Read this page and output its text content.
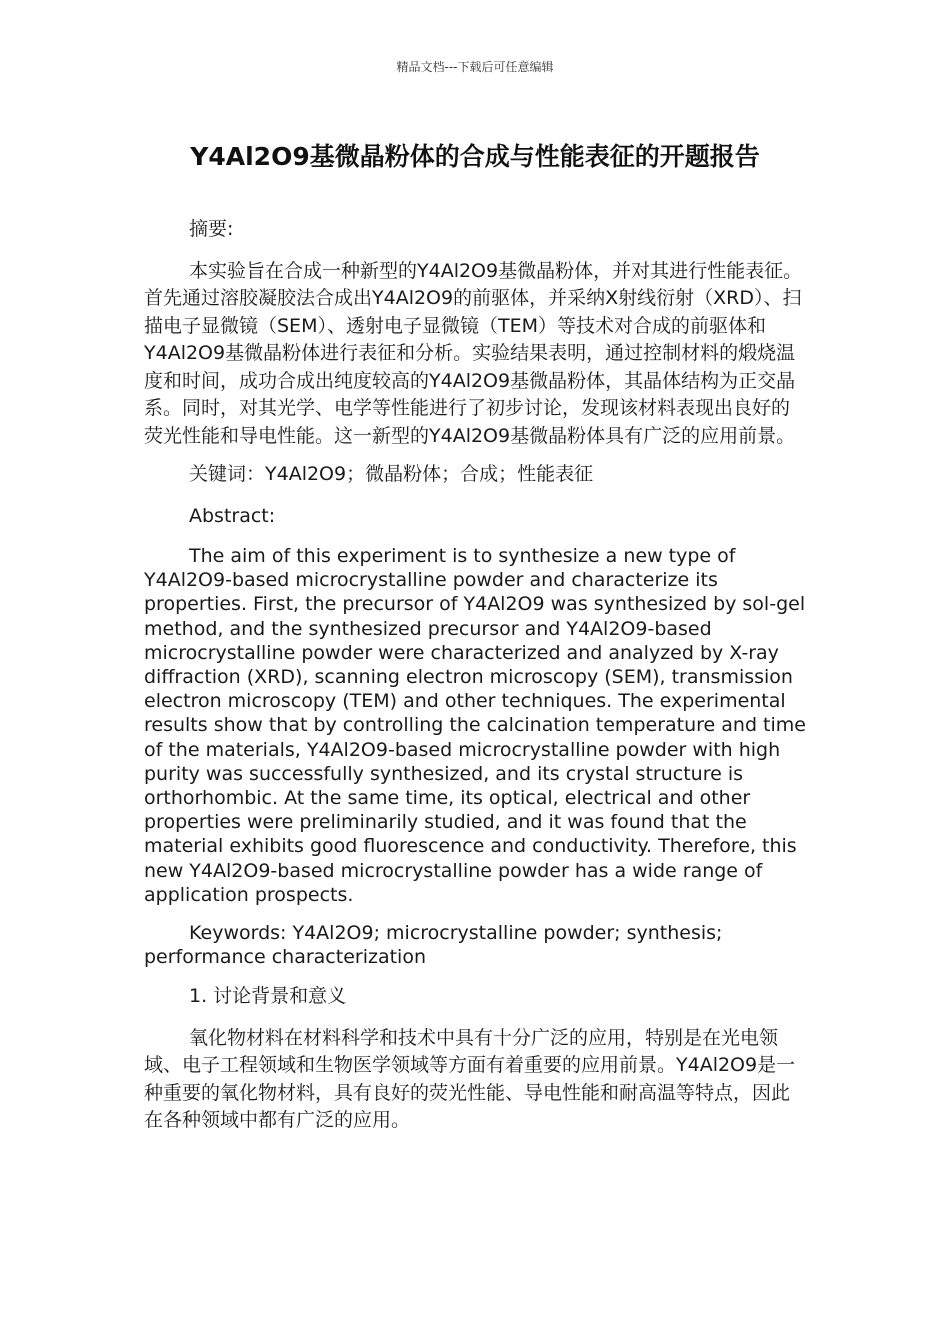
精品文档---下载后可任意编辑
Y4Al2O9基微晶粉体的合成与性能表征的开题报告

摘要:

本实验旨在合成一种新型的Y4Al2O9基微晶粉体，并对其进行性能表征。首先通过溶胶凝胶法合成出Y4Al2O9的前驱体，并采纳X射线衍射（XRD）、扫描电子显微镜（SEM）、透射电子显微镜（TEM）等技术对合成的前驱体和Y4Al2O9基微晶粉体进行表征和分析。实验结果表明，通过控制材料的煅烧温度和时间，成功合成出纯度较高的Y4Al2O9基微晶粉体，其晶体结构为正交晶系。同时，对其光学、电学等性能进行了初步讨论，发现该材料表现出良好的荧光性能和导电性能。这一新型的Y4Al2O9基微晶粉体具有广泛的应用前景。

关键词：Y4Al2O9；微晶粉体；合成；性能表征

Abstract:

The aim of this experiment is to synthesize a new type of Y4Al2O9-based microcrystalline powder and characterize its properties. First, the precursor of Y4Al2O9 was synthesized by sol-gel method, and the synthesized precursor and Y4Al2O9-based microcrystalline powder were characterized and analyzed by X-ray diffraction (XRD), scanning electron microscopy (SEM), transmission electron microscopy (TEM) and other techniques. The experimental results show that by controlling the calcination temperature and time of the materials, Y4Al2O9-based microcrystalline powder with high purity was successfully synthesized, and its crystal structure is orthorhombic. At the same time, its optical, electrical and other properties were preliminarily studied, and it was found that the material exhibits good fluorescence and conductivity. Therefore, this new Y4Al2O9-based microcrystalline powder has a wide range of application prospects.

Keywords: Y4Al2O9; microcrystalline powder; synthesis; performance characterization

1. 讨论背景和意义

氧化物材料在材料科学和技术中具有十分广泛的应用，特别是在光电领域、电子工程领域和生物医学领域等方面有着重要的应用前景。Y4Al2O9是一种重要的氧化物材料，具有良好的荧光性能、导电性能和耐高温等特点，因此在各种领域中都有广泛的应用。
